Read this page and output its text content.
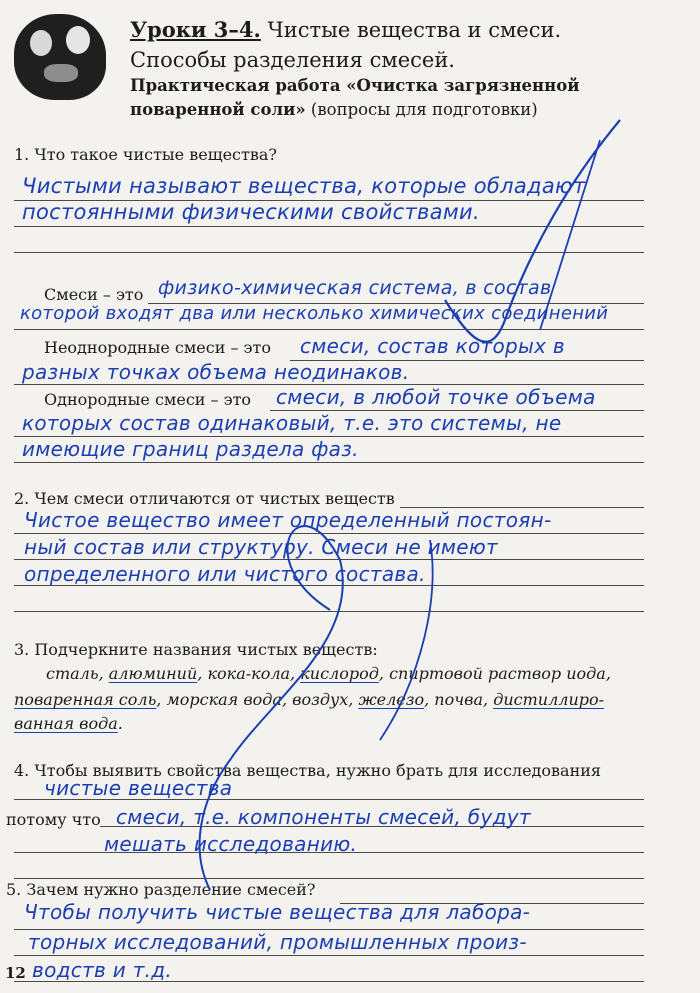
Уроки 3–4. Чистые вещества и смеси.
Способы разделения смесей.
Практическая работа «Очистка загрязненной
поваренной соли» (вопросы для подготовки)
1. Что такое чистые вещества?
Чистыми называют вещества, которые обладают
постоянными физическими свойствами.
Смеси – это физико-химическая система, в состав
которой входят два или несколько химических соединений
Неоднородные смеси – это смеси, состав которых в
разных точках объема неодинаков.
Однородные смеси – это смеси, в любой точке объема
которых состав одинаковый, т.е. это системы, не
имеющие границ раздела фаз.
2. Чем смеси отличаются от чистых веществ
Чистое вещество имеет определенный постоян-
ный состав или структуру. Смеси не имеют
определенного или чистого состава.
3. Подчеркните названия чистых веществ:
сталь, алюминий, кока-кола, кислород, спиртовой раствор иода,
поваренная соль, морская вода, воздух, железо, почва, дистиллиро-
ванная вода.
4. Чтобы выявить свойства вещества, нужно брать для исследования
чистые вещества
потому что смеси, т.е. компоненты смесей, будут
мешать исследованию.
5. Зачем нужно разделение смесей?
Чтобы получить чистые вещества для лабора-
торных исследований, промышленных произ-
водств и т.д.
12
